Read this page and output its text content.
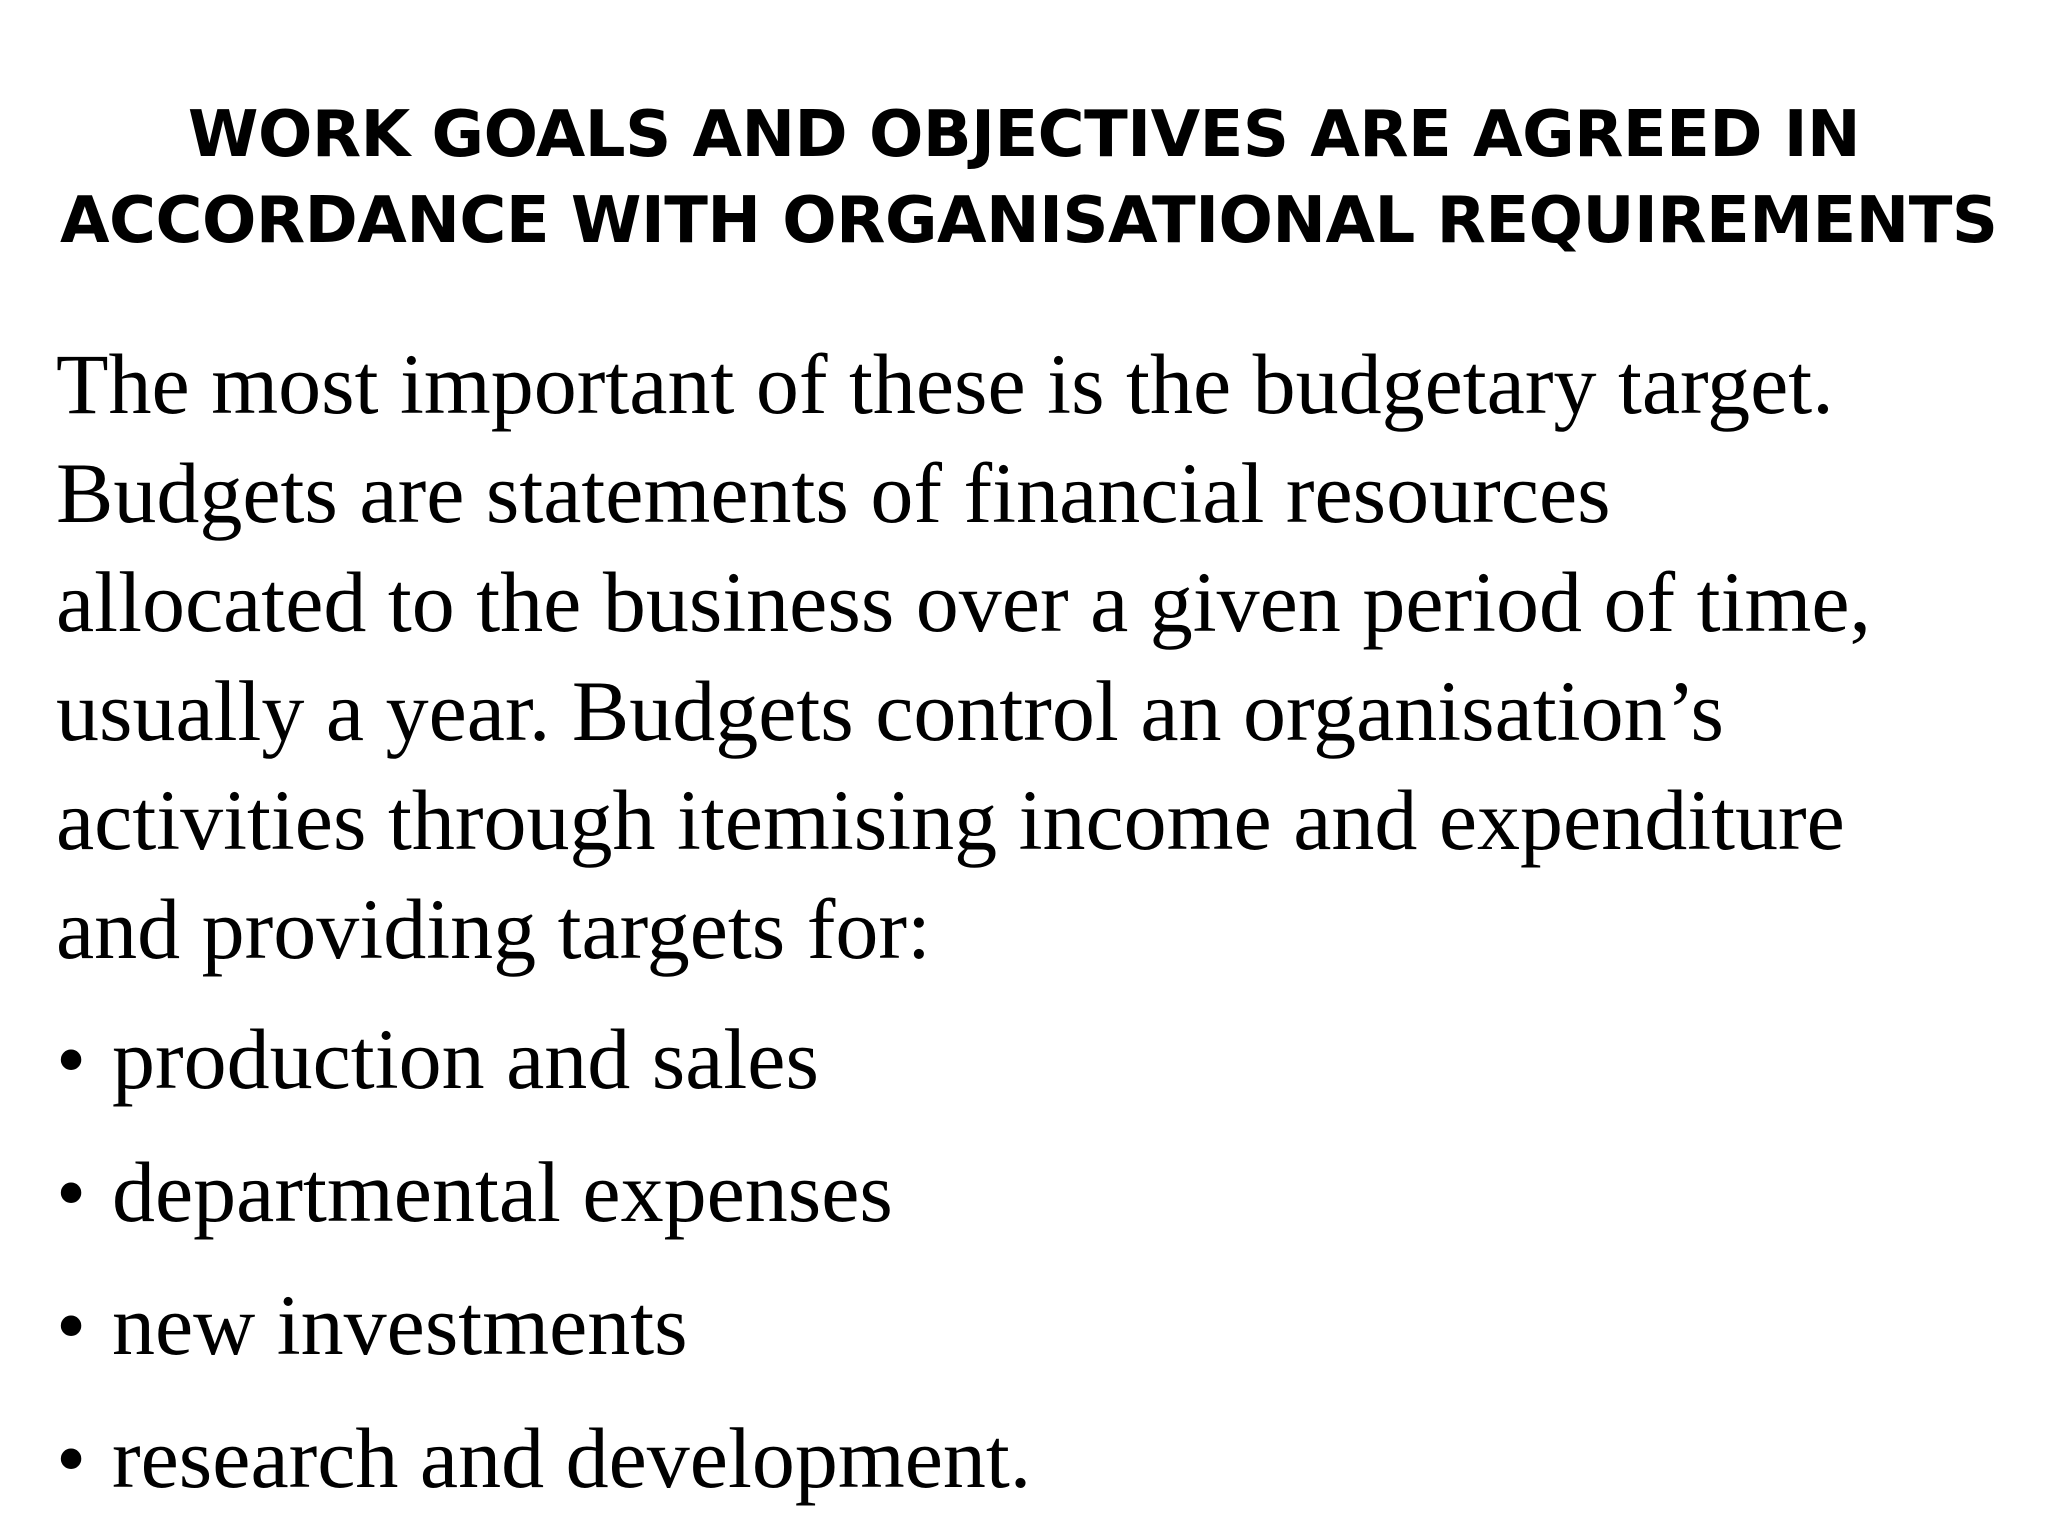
WORK GOALS AND OBJECTIVES ARE AGREED IN
ACCORDANCE WITH ORGANISATIONAL REQUIREMENTS

The most important of these is the budgetary target.
Budgets are statements of financial resources
allocated to the business over a given period of time,
usually a year. Budgets control an organisation’s
activities through itemising income and expenditure
and providing targets for:

• production and sales
• departmental expenses
• new investments
• research and development.
